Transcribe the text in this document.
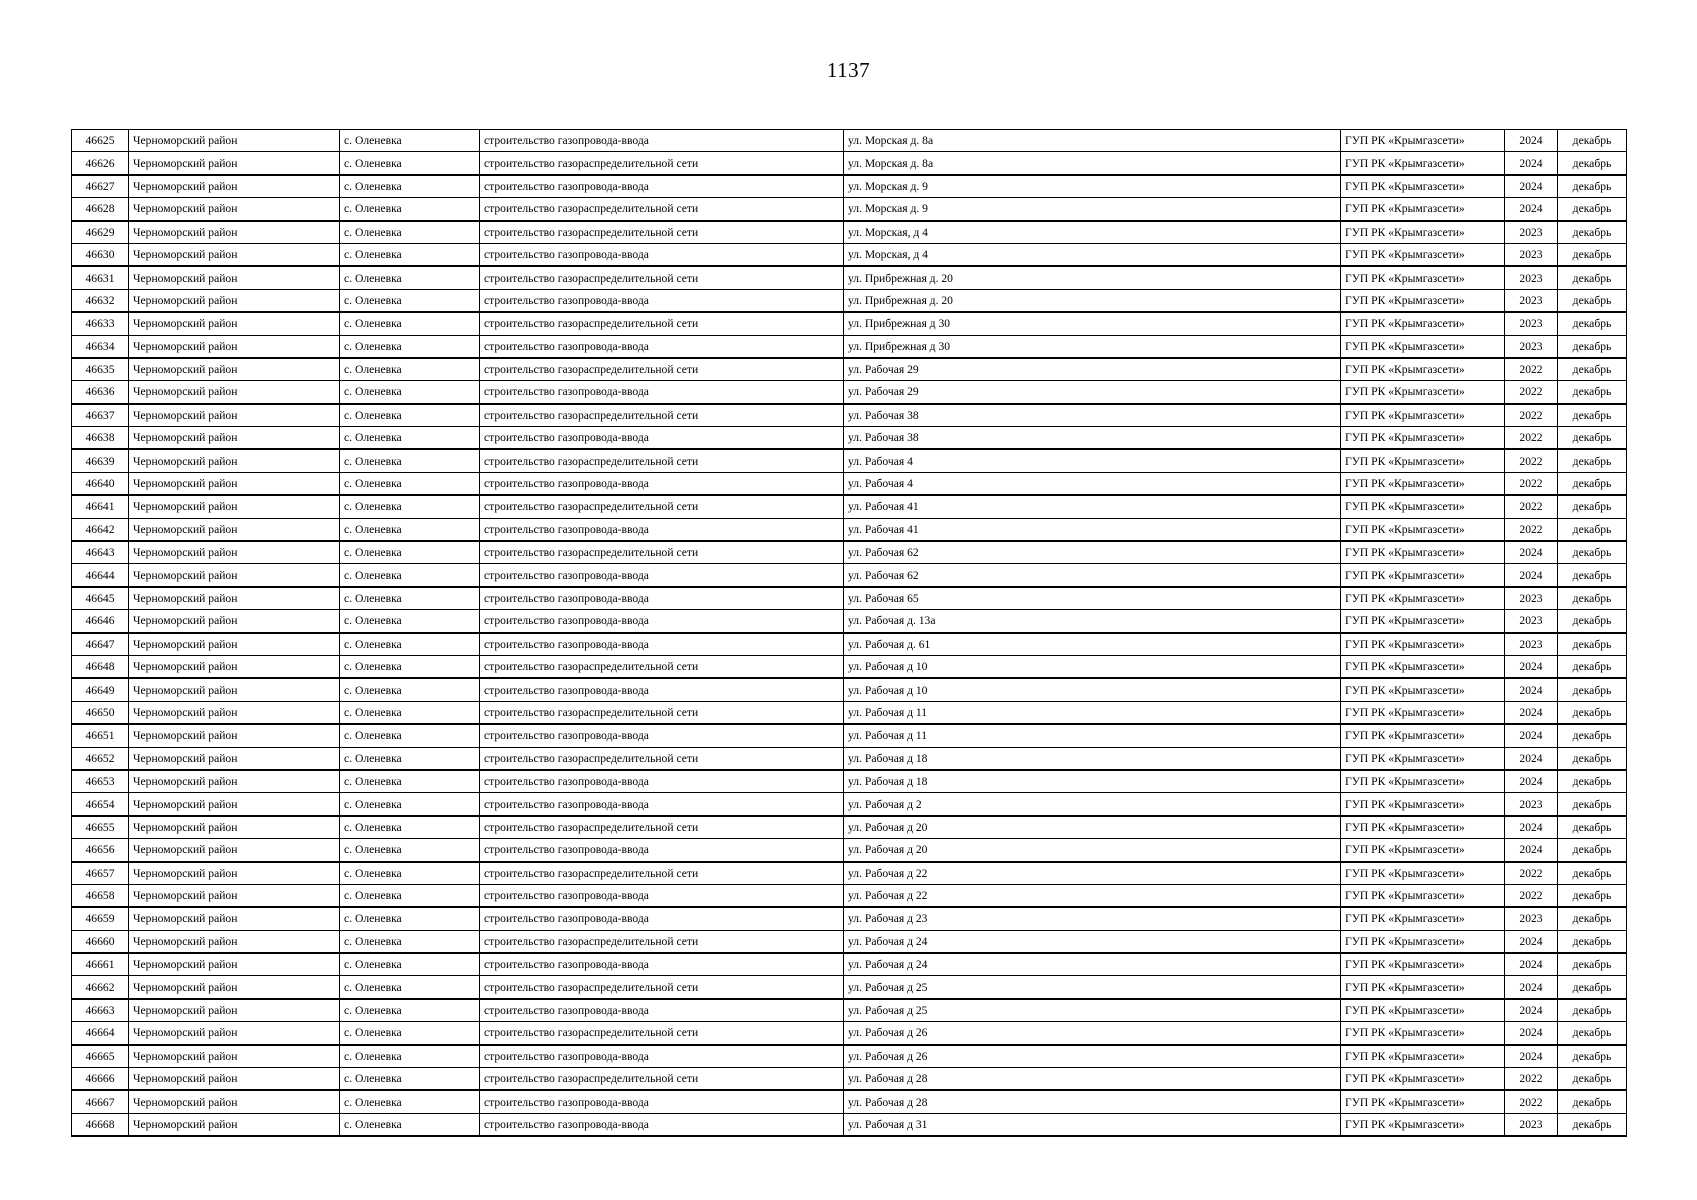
1137
46625	Черноморский район	с. Оленевка	строительство газопровода-ввода	ул. Морская д. 8а	ГУП РК «Крымгазсети»	2024	декабрь
46626	Черноморский район	с. Оленевка	строительство газораспределительной сети	ул. Морская д. 8а	ГУП РК «Крымгазсети»	2024	декабрь
46627	Черноморский район	с. Оленевка	строительство газопровода-ввода	ул. Морская д. 9	ГУП РК «Крымгазсети»	2024	декабрь
46628	Черноморский район	с. Оленевка	строительство газораспределительной сети	ул. Морская д. 9	ГУП РК «Крымгазсети»	2024	декабрь
46629	Черноморский район	с. Оленевка	строительство газораспределительной сети	ул. Морская, д 4	ГУП РК «Крымгазсети»	2023	декабрь
46630	Черноморский район	с. Оленевка	строительство газопровода-ввода	ул. Морская, д 4	ГУП РК «Крымгазсети»	2023	декабрь
46631	Черноморский район	с. Оленевка	строительство газораспределительной сети	ул. Прибрежная д. 20	ГУП РК «Крымгазсети»	2023	декабрь
46632	Черноморский район	с. Оленевка	строительство газопровода-ввода	ул. Прибрежная д. 20	ГУП РК «Крымгазсети»	2023	декабрь
46633	Черноморский район	с. Оленевка	строительство газораспределительной сети	ул. Прибрежная д 30	ГУП РК «Крымгазсети»	2023	декабрь
46634	Черноморский район	с. Оленевка	строительство газопровода-ввода	ул. Прибрежная д 30	ГУП РК «Крымгазсети»	2023	декабрь
46635	Черноморский район	с. Оленевка	строительство газораспределительной сети	ул. Рабочая 29	ГУП РК «Крымгазсети»	2022	декабрь
46636	Черноморский район	с. Оленевка	строительство газопровода-ввода	ул. Рабочая 29	ГУП РК «Крымгазсети»	2022	декабрь
46637	Черноморский район	с. Оленевка	строительство газораспределительной сети	ул. Рабочая 38	ГУП РК «Крымгазсети»	2022	декабрь
46638	Черноморский район	с. Оленевка	строительство газопровода-ввода	ул. Рабочая 38	ГУП РК «Крымгазсети»	2022	декабрь
46639	Черноморский район	с. Оленевка	строительство газораспределительной сети	ул. Рабочая 4	ГУП РК «Крымгазсети»	2022	декабрь
46640	Черноморский район	с. Оленевка	строительство газопровода-ввода	ул. Рабочая 4	ГУП РК «Крымгазсети»	2022	декабрь
46641	Черноморский район	с. Оленевка	строительство газораспределительной сети	ул. Рабочая 41	ГУП РК «Крымгазсети»	2022	декабрь
46642	Черноморский район	с. Оленевка	строительство газопровода-ввода	ул. Рабочая 41	ГУП РК «Крымгазсети»	2022	декабрь
46643	Черноморский район	с. Оленевка	строительство газораспределительной сети	ул. Рабочая 62	ГУП РК «Крымгазсети»	2024	декабрь
46644	Черноморский район	с. Оленевка	строительство газопровода-ввода	ул. Рабочая 62	ГУП РК «Крымгазсети»	2024	декабрь
46645	Черноморский район	с. Оленевка	строительство газопровода-ввода	ул. Рабочая 65	ГУП РК «Крымгазсети»	2023	декабрь
46646	Черноморский район	с. Оленевка	строительство газопровода-ввода	ул. Рабочая д. 13а	ГУП РК «Крымгазсети»	2023	декабрь
46647	Черноморский район	с. Оленевка	строительство газопровода-ввода	ул. Рабочая д. 61	ГУП РК «Крымгазсети»	2023	декабрь
46648	Черноморский район	с. Оленевка	строительство газораспределительной сети	ул. Рабочая д 10	ГУП РК «Крымгазсети»	2024	декабрь
46649	Черноморский район	с. Оленевка	строительство газопровода-ввода	ул. Рабочая д 10	ГУП РК «Крымгазсети»	2024	декабрь
46650	Черноморский район	с. Оленевка	строительство газораспределительной сети	ул. Рабочая д 11	ГУП РК «Крымгазсети»	2024	декабрь
46651	Черноморский район	с. Оленевка	строительство газопровода-ввода	ул. Рабочая д 11	ГУП РК «Крымгазсети»	2024	декабрь
46652	Черноморский район	с. Оленевка	строительство газораспределительной сети	ул. Рабочая д 18	ГУП РК «Крымгазсети»	2024	декабрь
46653	Черноморский район	с. Оленевка	строительство газопровода-ввода	ул. Рабочая д 18	ГУП РК «Крымгазсети»	2024	декабрь
46654	Черноморский район	с. Оленевка	строительство газопровода-ввода	ул. Рабочая д 2	ГУП РК «Крымгазсети»	2023	декабрь
46655	Черноморский район	с. Оленевка	строительство газораспределительной сети	ул. Рабочая д 20	ГУП РК «Крымгазсети»	2024	декабрь
46656	Черноморский район	с. Оленевка	строительство газопровода-ввода	ул. Рабочая д 20	ГУП РК «Крымгазсети»	2024	декабрь
46657	Черноморский район	с. Оленевка	строительство газораспределительной сети	ул. Рабочая д 22	ГУП РК «Крымгазсети»	2022	декабрь
46658	Черноморский район	с. Оленевка	строительство газопровода-ввода	ул. Рабочая д 22	ГУП РК «Крымгазсети»	2022	декабрь
46659	Черноморский район	с. Оленевка	строительство газопровода-ввода	ул. Рабочая д 23	ГУП РК «Крымгазсети»	2023	декабрь
46660	Черноморский район	с. Оленевка	строительство газораспределительной сети	ул. Рабочая д 24	ГУП РК «Крымгазсети»	2024	декабрь
46661	Черноморский район	с. Оленевка	строительство газопровода-ввода	ул. Рабочая д 24	ГУП РК «Крымгазсети»	2024	декабрь
46662	Черноморский район	с. Оленевка	строительство газораспределительной сети	ул. Рабочая д 25	ГУП РК «Крымгазсети»	2024	декабрь
46663	Черноморский район	с. Оленевка	строительство газопровода-ввода	ул. Рабочая д 25	ГУП РК «Крымгазсети»	2024	декабрь
46664	Черноморский район	с. Оленевка	строительство газораспределительной сети	ул. Рабочая д 26	ГУП РК «Крымгазсети»	2024	декабрь
46665	Черноморский район	с. Оленевка	строительство газопровода-ввода	ул. Рабочая д 26	ГУП РК «Крымгазсети»	2024	декабрь
46666	Черноморский район	с. Оленевка	строительство газораспределительной сети	ул. Рабочая д 28	ГУП РК «Крымгазсети»	2022	декабрь
46667	Черноморский район	с. Оленевка	строительство газопровода-ввода	ул. Рабочая д 28	ГУП РК «Крымгазсети»	2022	декабрь
46668	Черноморский район	с. Оленевка	строительство газопровода-ввода	ул. Рабочая д 31	ГУП РК «Крымгазсети»	2023	декабрь
